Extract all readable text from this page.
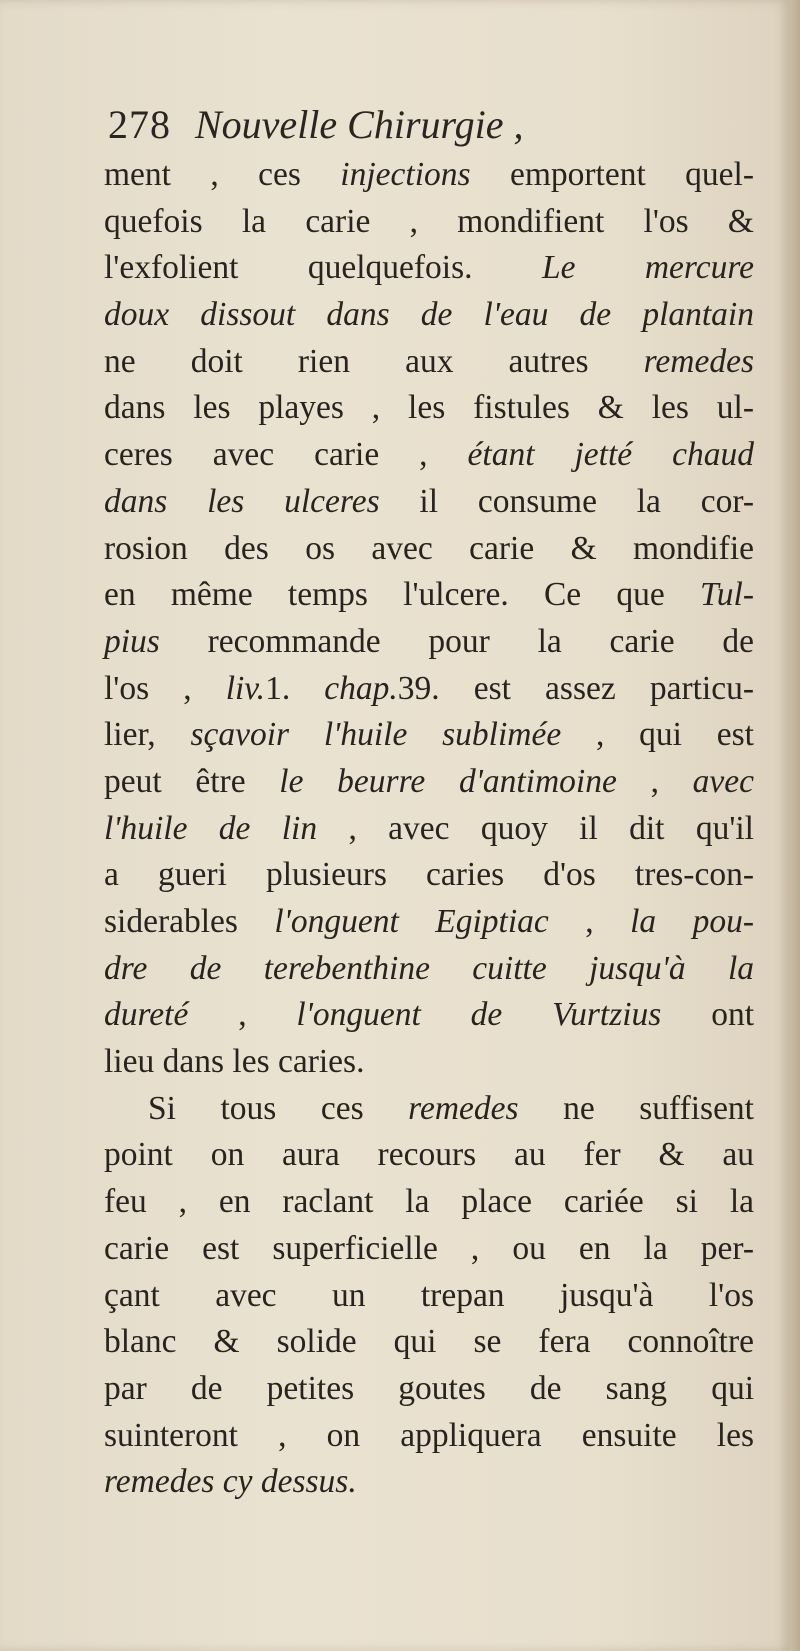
278 Nouvelle Chirurgie ,
ment , ces injections emportent quel-
quefois la carie , mondifient l'os &
l'exfolient quelquefois. Le mercure
doux dissout dans de l'eau de plantain
ne doit rien aux autres remedes
dans les playes , les fistules & les ul-
ceres avec carie , étant jetté chaud
dans les ulceres il consume la cor-
rosion des os avec carie & mondifie
en même temps l'ulcere. Ce que Tul-
pius recommande pour la carie de
l'os , liv.1. chap.39. est assez particu-
lier, sçavoir l'huile sublimée , qui est
peut être le beurre d'antimoine , avec
l'huile de lin , avec quoy il dit qu'il
a gueri plusieurs caries d'os tres-con-
siderables l'onguent Egiptiac , la pou-
dre de terebenthine cuitte jusqu'à la
dureté , l'onguent de Vurtzius ont
lieu dans les caries.
Si tous ces remedes ne suffisent
point on aura recours au fer & au
feu , en raclant la place cariée si la
carie est superficielle , ou en la per-
çant avec un trepan jusqu'à l'os
blanc & solide qui se fera connoître
par de petites goutes de sang qui
suinteront , on appliquera ensuite les
remedes cy dessus.
